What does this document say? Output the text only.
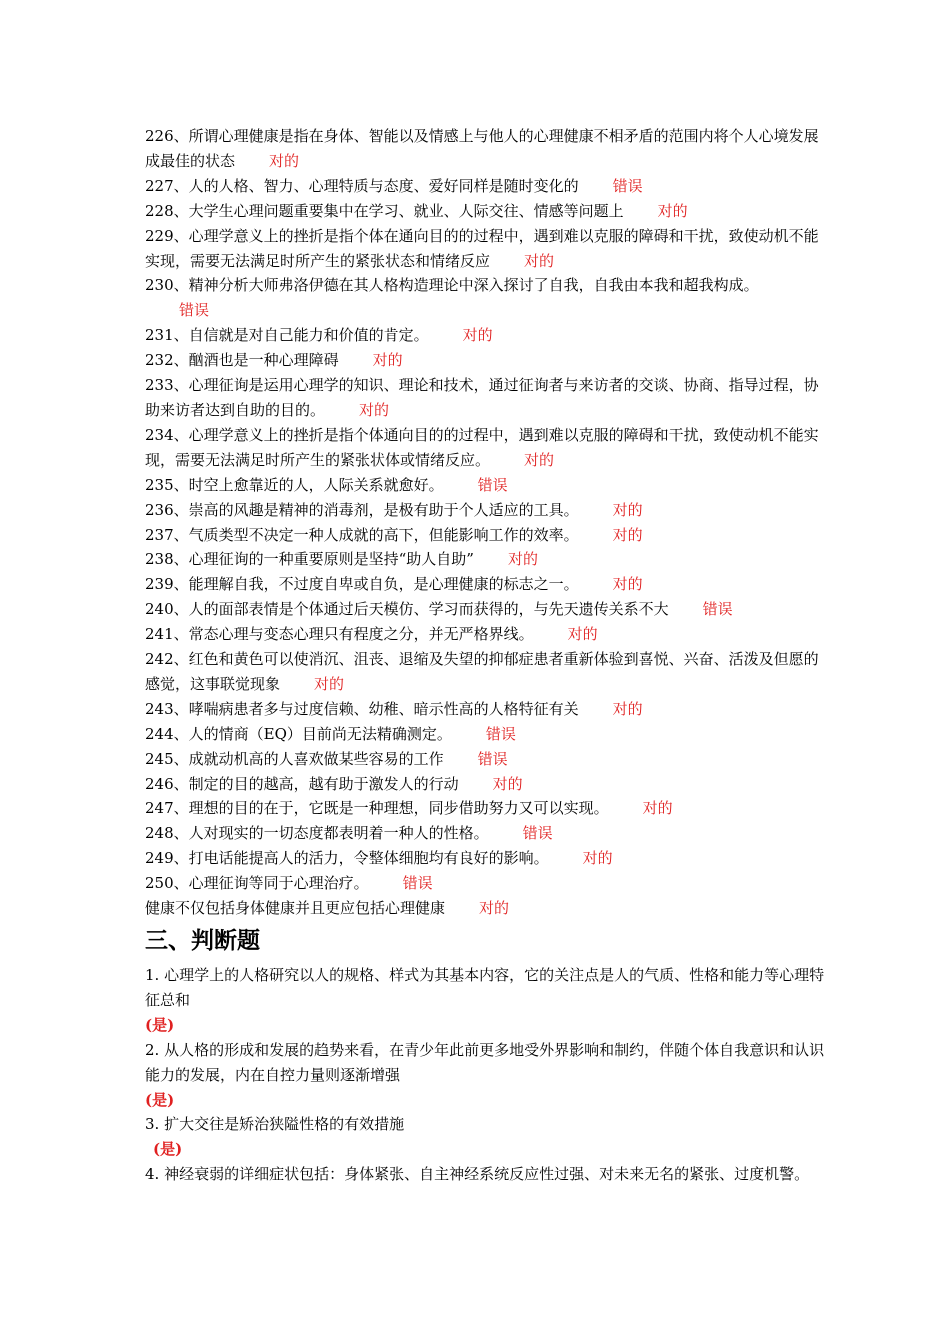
226、所谓心理健康是指在身体、智能以及情感上与他人的心理健康不相矛盾的范围内将个人心境发展成最佳的状态 对的

227、人的人格、智力、心理特质与态度、爱好同样是随时变化的 错误

228、大学生心理问题重要集中在学习、就业、人际交往、情感等问题上 对的

229、心理学意义上的挫折是指个体在通向目的的过程中，遇到难以克服的障碍和干扰，致使动机不能实现，需要无法满足时所产生的紧张状态和情绪反应 对的

230、精神分析大师弗洛伊德在其人格构造理论中深入探讨了自我，自我由本我和超我构成。
错误

231、自信就是对自己能力和价值的肯定。 对的

232、酗酒也是一种心理障碍 对的

233、心理征询是运用心理学的知识、理论和技术，通过征询者与来访者的交谈、协商、指导过程，协助来访者达到自助的目的。 对的

234、心理学意义上的挫折是指个体通向目的的过程中，遇到难以克服的障碍和干扰，致使动机不能实现，需要无法满足时所产生的紧张状体或情绪反应。 对的

235、时空上愈靠近的人，人际关系就愈好。 错误

236、崇高的风趣是精神的消毒剂，是极有助于个人适应的工具。 对的

237、气质类型不决定一种人成就的高下，但能影响工作的效率。 对的

238、心理征询的一种重要原则是坚持“助人自助” 对的

239、能理解自我，不过度自卑或自负，是心理健康的标志之一。 对的

240、人的面部表情是个体通过后天模仿、学习而获得的，与先天遗传关系不大 错误

241、常态心理与变态心理只有程度之分，并无严格界线。 对的

242、红色和黄色可以使消沉、沮丧、退缩及失望的抑郁症患者重新体验到喜悦、兴奋、活泼及但愿的感觉，这事联觉现象 对的

243、哮喘病患者多与过度信赖、幼稚、暗示性高的人格特征有关 对的

244、人的情商（EQ）目前尚无法精确测定。 错误

245、成就动机高的人喜欢做某些容易的工作 错误

246、制定的目的越高，越有助于激发人的行动 对的

247、理想的目的在于，它既是一种理想，同步借助努力又可以实现。 对的

248、人对现实的一切态度都表明着一种人的性格。 错误

249、打电话能提高人的活力，令整体细胞均有良好的影响。 对的

250、心理征询等同于心理治疗。 错误

健康不仅包括身体健康并且更应包括心理健康 对的

三、判断题

1. 心理学上的人格研究以人的规格、样式为其基本内容，它的关注点是人的气质、性格和能力等心理特征总和
(是)

2. 从人格的形成和发展的趋势来看，在青少年此前更多地受外界影响和制约，伴随个体自我意识和认识能力的发展，内在自控力量则逐渐增强
(是)

3. 扩大交往是矫治狭隘性格的有效措施
(是)

4. 神经衰弱的详细症状包括：身体紧张、自主神经系统反应性过强、对未来无名的紧张、过度机警。
